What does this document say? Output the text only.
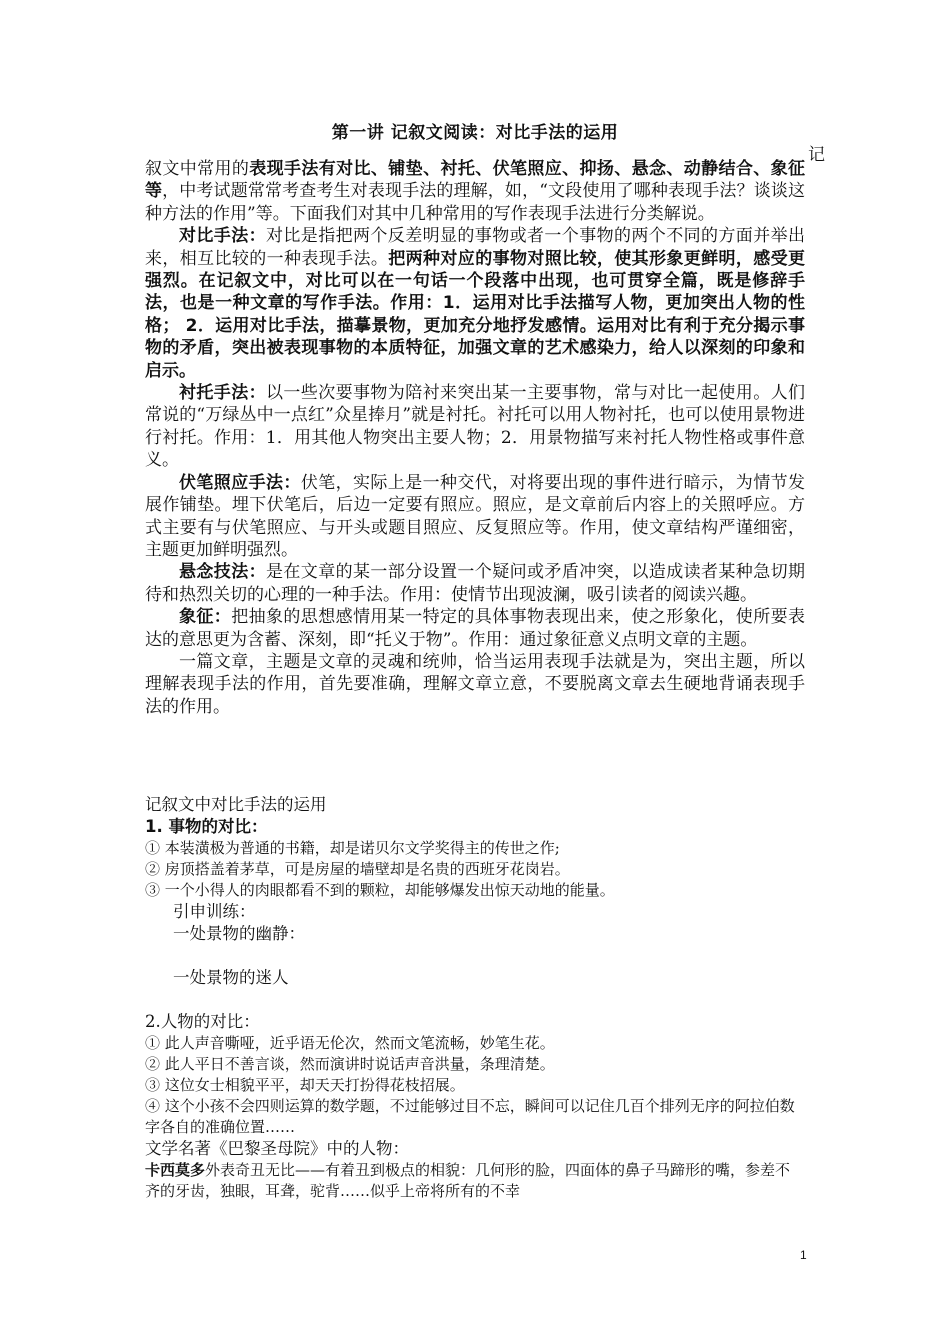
第一讲 记叙文阅读：对比手法的运用
记

叙文中常用的表现手法有对比、铺垫、衬托、伏笔照应、抑扬、悬念、动静结合、象征等，中考试题常常考查考生对表现手法的理解，如，“文段使用了哪种表现手法？谈谈这种方法的作用”等。下面我们对其中几种常用的写作表现手法进行分类解说。

对比手法：对比是指把两个反差明显的事物或者一个事物的两个不同的方面并举出来，相互比较的一种表现手法。把两种对应的事物对照比较，使其形象更鲜明，感受更强烈。在记叙文中，对比可以在一句话一个段落中出现，也可贯穿全篇，既是修辞手法，也是一种文章的写作手法。作用：1．运用对比手法描写人物，更加突出人物的性格； 2．运用对比手法，描摹景物，更加充分地抒发感情。运用对比有利于充分揭示事物的矛盾，突出被表现事物的本质特征，加强文章的艺术感染力，给人以深刻的印象和启示。

衬托手法：以一些次要事物为陪衬来突出某一主要事物，常与对比一起使用。人们常说的“万绿丛中一点红”众星捧月”就是衬托。衬托可以用人物衬托，也可以使用景物进行衬托。作用：1．用其他人物突出主要人物；2．用景物描写来衬托人物性格或事件意义。

伏笔照应手法：伏笔，实际上是一种交代，对将要出现的事件进行暗示，为情节发展作铺垫。埋下伏笔后，后边一定要有照应。照应，是文章前后内容上的关照呼应。方式主要有与伏笔照应、与开头或题目照应、反复照应等。作用，使文章结构严谨细密，主题更加鲜明强烈。

悬念技法：是在文章的某一部分设置一个疑问或矛盾冲突，以造成读者某种急切期待和热烈关切的心理的一种手法。作用：使情节出现波澜，吸引读者的阅读兴趣。

象征：把抽象的思想感情用某一特定的具体事物表现出来，使之形象化，使所要表达的意思更为含蓄、深刻，即“托义于物”。作用：通过象征意义点明文章的主题。

一篇文章，主题是文章的灵魂和统帅，恰当运用表现手法就是为，突出主题，所以理解表现手法的作用，首先要准确，理解文章立意，不要脱离文章去生硬地背诵表现手法的作用。

记叙文中对比手法的运用

1. 事物的对比：

① 本装潢极为普通的书籍，却是诺贝尔文学奖得主的传世之作;

② 房顶搭盖着茅草，可是房屋的墙壁却是名贵的西班牙花岗岩。

③ 一个小得人的肉眼都看不到的颗粒，却能够爆发出惊天动地的能量。

引申训练：

一处景物的幽静：

一处景物的迷人

2.人物的对比：

① 此人声音嘶哑，近乎语无伦次，然而文笔流畅，妙笔生花。

② 此人平日不善言谈，然而演讲时说话声音洪量，条理清楚。

③ 这位女士相貌平平，却天天打扮得花枝招展。

④ 这个小孩不会四则运算的数学题，不过能够过目不忘，瞬间可以记住几百个排列无序的阿拉伯数字各自的准确位置……

文学名著《巴黎圣母院》中的人物：

卡西莫多外表奇丑无比——有着丑到极点的相貌：几何形的脸，四面体的鼻子马蹄形的嘴，参差不齐的牙齿，独眼，耳聋，驼背……似乎上帝将所有的不幸

1
